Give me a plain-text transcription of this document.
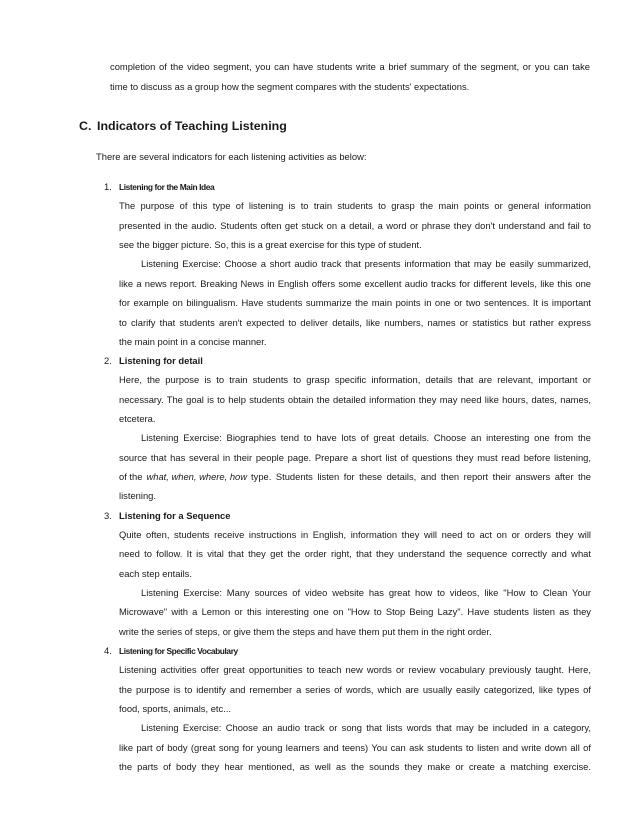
completion of the video segment, you can have students write a brief summary of the segment, or you can take
time to discuss as a group how the segment compares with the students' expectations.
C. Indicators of Teaching Listening
There are several indicators for each listening activities as below:
1. Listening for the Main Idea
The purpose of this type of listening is to train students to grasp the main points or general information
presented in the audio. Students often get stuck on a detail, a word or phrase they don't understand and fail to
see the bigger picture. So, this is a great exercise for this type of student.
Listening Exercise: Choose a short audio track that presents information that may be easily summarized,
like a news report. Breaking News in English offers some excellent audio tracks for different levels, like this one
for example on bilingualism. Have students summarize the main points in one or two sentences. It is important
to clarify that students aren't expected to deliver details, like numbers, names or statistics but rather express
the main point in a concise manner.
2. Listening for detail
Here, the purpose is to train students to grasp specific information, details that are relevant, important or
necessary. The goal is to help students obtain the detailed information they may need like hours, dates, names,
etcetera.
Listening Exercise: Biographies tend to have lots of great details. Choose an interesting one from the
source that has several in their people page. Prepare a short list of questions they must read before listening,
of the what, when, where, how type. Students listen for these details, and then report their answers after the
listening.
3. Listening for a Sequence
Quite often, students receive instructions in English, information they will need to act on or orders they will
need to follow. It is vital that they get the order right, that they understand the sequence correctly and what
each step entails.
Listening Exercise: Many sources of video website has great how to videos, like "How to Clean Your
Microwave" with a Lemon or this interesting one on "How to Stop Being Lazy". Have students listen as they
write the series of steps, or give them the steps and have them put them in the right order.
4. Listening for Specific Vocabulary
Listening activities offer great opportunities to teach new words or review vocabulary previously taught. Here,
the purpose is to identify and remember a series of words, which are usually easily categorized, like types of
food, sports, animals, etc...
Listening Exercise: Choose an audio track or song that lists words that may be included in a category,
like part of body (great song for young learners and teens) You can ask students to listen and write down all of
the parts of body they hear mentioned, as well as the sounds they make or create a matching exercise.
